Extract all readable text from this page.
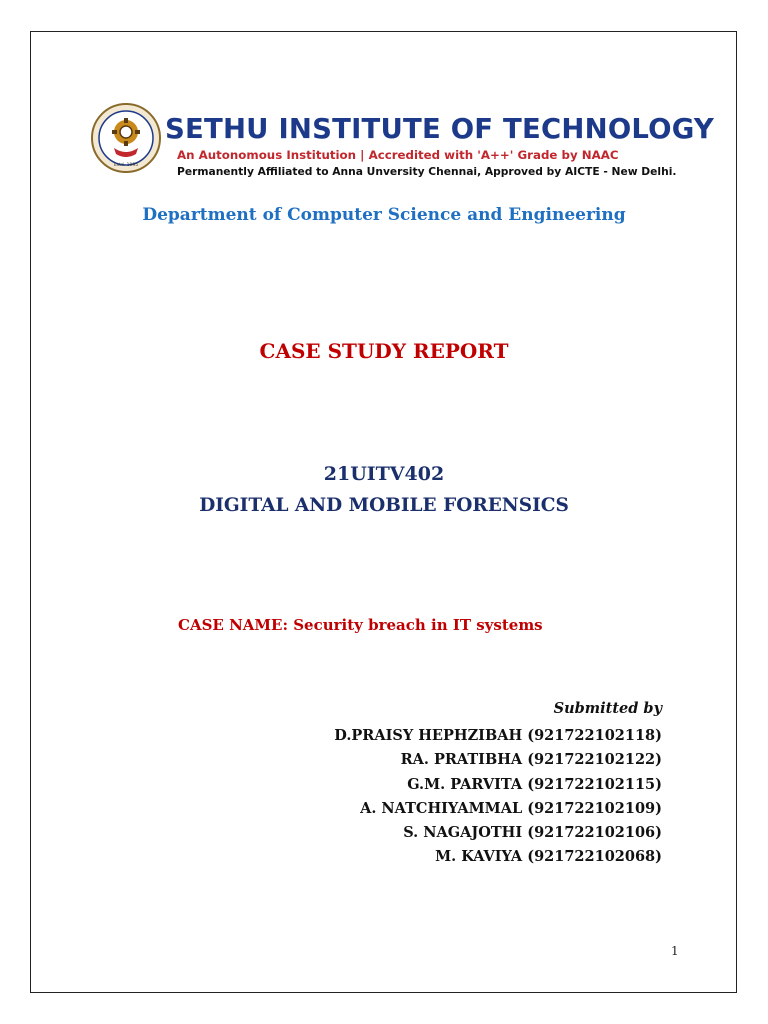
Estd. 1995
SETHU INSTITUTE OF TECHNOLOGY
An Autonomous Institution | Accredited with 'A++' Grade by NAAC
Permanently Affiliated to Anna Unversity Chennai, Approved by AICTE - New Delhi.
Department of Computer Science and Engineering
CASE STUDY REPORT
21UITV402
DIGITAL AND MOBILE FORENSICS
CASE NAME: Security breach in IT systems
Submitted by
D.PRAISY HEPHZIBAH (921722102118)
RA. PRATIBHA (921722102122)
G.M. PARVITA (921722102115)
A. NATCHIYAMMAL (921722102109)
S. NAGAJOTHI (921722102106)
M. KAVIYA (921722102068)
1
